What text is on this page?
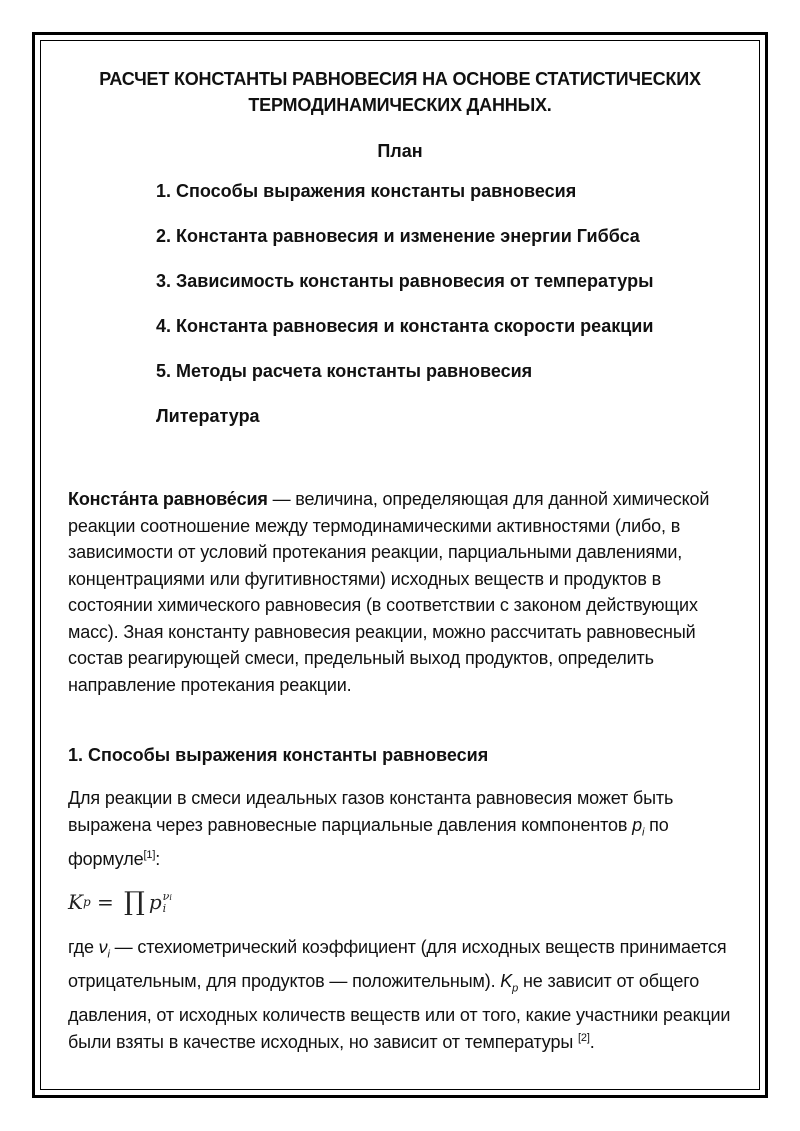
РАСЧЕТ КОНСТАНТЫ РАВНОВЕСИЯ НА ОСНОВЕ СТАТИСТИЧЕСКИХ
ТЕРМОДИНАМИЧЕСКИХ ДАННЫХ.

План

1. Способы выражения константы равновесия
2. Константа равновесия и изменение энергии Гиббса
3. Зависимость константы равновесия от температуры
4. Константа равновесия и константа скорости реакции
5. Методы расчета константы равновесия
Литература

Конста́нта равнове́сия — величина, определяющая для данной химической реакции соотношение между термодинамическими активностями (либо, в зависимости от условий протекания реакции, парциальными давлениями, концентрациями или фугитивностями) исходных веществ и продуктов в состоянии химического равновесия (в соответствии с законом действующих масс). Зная константу равновесия реакции, можно рассчитать равновесный состав реагирующей смеси, предельный выход продуктов, определить направление протекания реакции.

1. Способы выражения константы равновесия

Для реакции в смеси идеальных газов константа равновесия может быть выражена через равновесные парциальные давления компонентов $p_i$ по формуле[1]:

K p = ∏ p νi
i

где $\nu_i$ — стехиометрический коэффициент (для исходных веществ принимается отрицательным, для продуктов — положительным). $K_p$ не зависит от общего давления, от исходных количеств веществ или от того, какие участники реакции были взяты в качестве исходных, но зависит от температуры [2].
